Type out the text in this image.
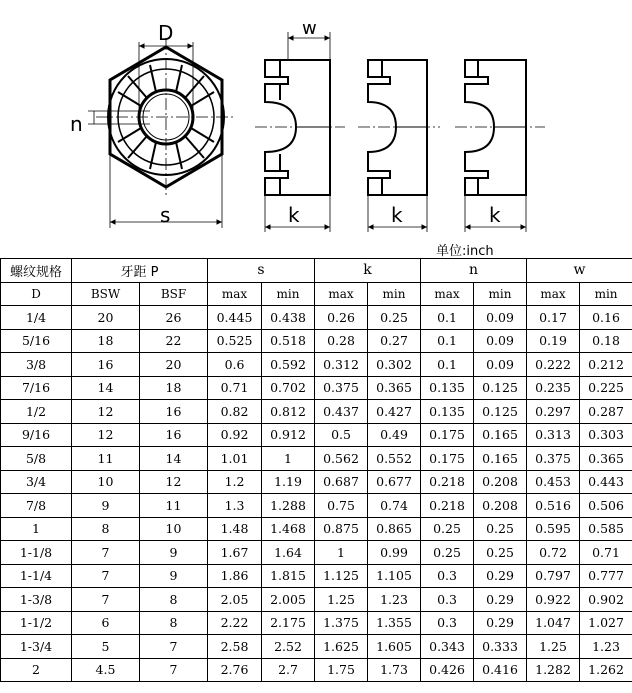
D
n
s
w
k	k	k
单位:inch
螺纹规格	牙距 P		s		k		n		w	
D	BSW	BSF	max	min	max	min	max	min	max	min
1/4	20	26	0.445	0.438	0.26	0.25	0.1	0.09	0.17	0.16
5/16	18	22	0.525	0.518	0.28	0.27	0.1	0.09	0.19	0.18
3/8	16	20	0.6	0.592	0.312	0.302	0.1	0.09	0.222	0.212
7/16	14	18	0.71	0.702	0.375	0.365	0.135	0.125	0.235	0.225
1/2	12	16	0.82	0.812	0.437	0.427	0.135	0.125	0.297	0.287
9/16	12	16	0.92	0.912	0.5	0.49	0.175	0.165	0.313	0.303
5/8	11	14	1.01	1	0.562	0.552	0.175	0.165	0.375	0.365
3/4	10	12	1.2	1.19	0.687	0.677	0.218	0.208	0.453	0.443
7/8	9	11	1.3	1.288	0.75	0.74	0.218	0.208	0.516	0.506
1	8	10	1.48	1.468	0.875	0.865	0.25	0.25	0.595	0.585
1-1/8	7	9	1.67	1.64	1	0.99	0.25	0.25	0.72	0.71
1-1/4	7	9	1.86	1.815	1.125	1.105	0.3	0.29	0.797	0.777
1-3/8	7	8	2.05	2.005	1.25	1.23	0.3	0.29	0.922	0.902
1-1/2	6	8	2.22	2.175	1.375	1.355	0.3	0.29	1.047	1.027
1-3/4	5	7	2.58	2.52	1.625	1.605	0.343	0.333	1.25	1.23
2	4.5	7	2.76	2.7	1.75	1.73	0.426	0.416	1.282	1.262
